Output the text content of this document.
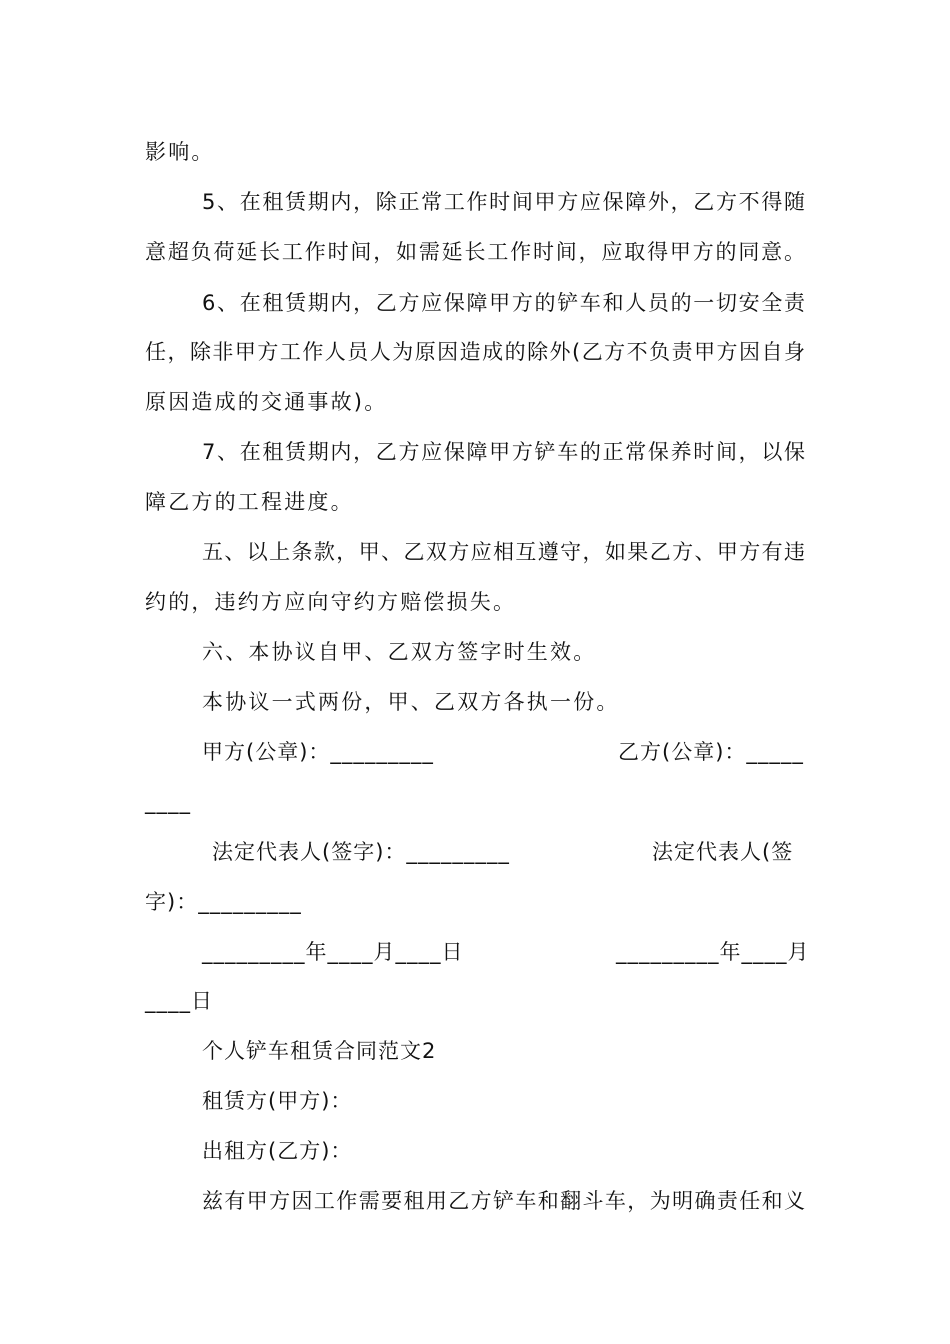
影响。
5、在租赁期内，除正常工作时间甲方应保障外，乙方不得随
意超负荷延长工作时间，如需延长工作时间，应取得甲方的同意。
6、在租赁期内，乙方应保障甲方的铲车和人员的一切安全责
任，除非甲方工作人员人为原因造成的除外(乙方不负责甲方因自身
原因造成的交通事故)。
7、在租赁期内，乙方应保障甲方铲车的正常保养时间，以保
障乙方的工程进度。
五、以上条款，甲、乙双方应相互遵守，如果乙方、甲方有违
约的，违约方应向守约方赔偿损失。
六、本协议自甲、乙双方签字时生效。
本协议一式两份，甲、乙双方各执一份。
甲方(公章)：_________	乙方(公章)：_____
____
法定代表人(签字)：_________	法定代表人(签
字)：_________
_________年____月____日	_________年____月
____日
个人铲车租赁合同范文2
租赁方(甲方)：
出租方(乙方)：
兹有甲方因工作需要租用乙方铲车和翻斗车，为明确责任和义
